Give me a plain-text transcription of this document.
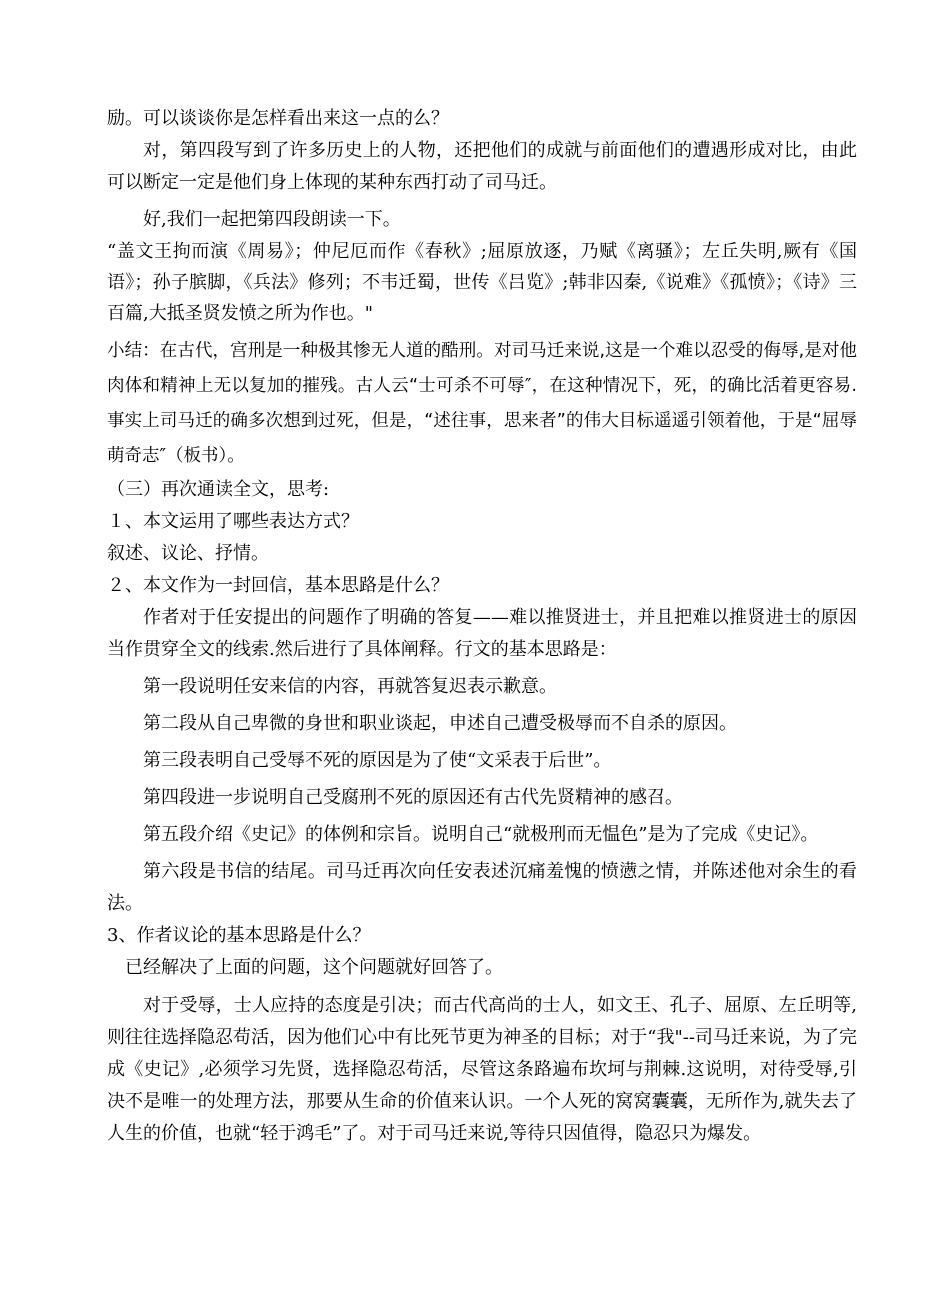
励。可以谈谈你是怎样看出来这一点的么？

对，第四段写到了许多历史上的人物，还把他们的成就与前面他们的遭遇形成对比，由此可以断定一定是他们身上体现的某种东西打动了司马迁。

好,我们一起把第四段朗读一下。

“盖文王拘而演《周易》；仲尼厄而作《春秋》;屈原放逐，乃赋《离骚》；左丘失明,厥有《国语》；孙子膑脚，《兵法》修列；不韦迁蜀，世传《吕览》;韩非囚秦,《说难》《孤愤》；《诗》三百篇,大抵圣贤发愤之所为作也。"

小结：在古代，宫刑是一种极其惨无人道的酷刑。对司马迁来说,这是一个难以忍受的侮辱,是对他肉体和精神上无以复加的摧残。古人云“士可杀不可辱″，在这种情况下，死，的确比活着更容易.事实上司马迁的确多次想到过死，但是，“述往事，思来者”的伟大目标遥遥引领着他，于是“屈辱萌奇志″（板书）。

（三）再次通读全文，思考:

１、本文运用了哪些表达方式？

叙述、议论、抒情。

２、本文作为一封回信，基本思路是什么？

作者对于任安提出的问题作了明确的答复——难以推贤进士，并且把难以推贤进士的原因当作贯穿全文的线索.然后进行了具体阐释。行文的基本思路是：

第一段说明任安来信的内容，再就答复迟表示歉意。

第二段从自己卑微的身世和职业谈起，申述自己遭受极辱而不自杀的原因。

第三段表明自己受辱不死的原因是为了使“文采表于后世”。

第四段进一步说明自己受腐刑不死的原因还有古代先贤精神的感召。

第五段介绍《史记》的体例和宗旨。说明自己“就极刑而无愠色”是为了完成《史记》。

第六段是书信的结尾。司马迁再次向任安表述沉痛羞愧的愤懑之情，并陈述他对余生的看法。

3、作者议论的基本思路是什么？

已经解决了上面的问题，这个问题就好回答了。

对于受辱，士人应持的态度是引决；而古代高尚的士人，如文王、孔子、屈原、左丘明等,则往往选择隐忍苟活，因为他们心中有比死节更为神圣的目标；对于“我"--司马迁来说，为了完成《史记》,必须学习先贤，选择隐忍苟活，尽管这条路遍布坎坷与荆棘.这说明，对待受辱,引决不是唯一的处理方法，那要从生命的价值来认识。一个人死的窝窝囊囊，无所作为,就失去了人生的价值，也就“轻于鸿毛”了。对于司马迁来说,等待只因值得，隐忍只为爆发。
